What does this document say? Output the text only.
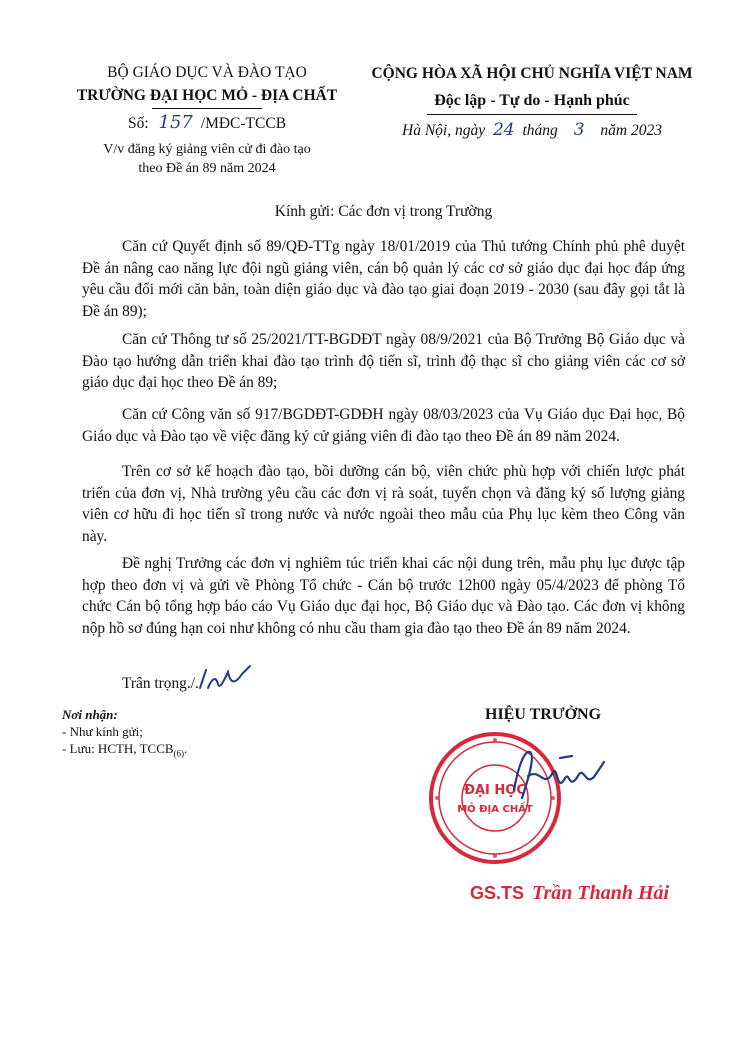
BỘ GIÁO DỤC VÀ ĐÀO TẠO
TRƯỜNG ĐẠI HỌC MỎ - ĐỊA CHẤT
Số: 157 /MĐC-TCCB
V/v đăng ký giảng viên cử đi đào tạo
theo Đề án 89 năm 2024
CỘNG HÒA XÃ HỘI CHỦ NGHĨA VIỆT NAM
Độc lập - Tự do - Hạnh phúc
Hà Nội, ngày 24 tháng 3 năm 2023
Kính gửi: Các đơn vị trong Trường
Căn cứ Quyết định số 89/QĐ-TTg ngày 18/01/2019 của Thủ tướng Chính phủ phê duyệt Đề án nâng cao năng lực đội ngũ giảng viên, cán bộ quản lý các cơ sở giáo dục đại học đáp ứng yêu cầu đổi mới căn bản, toàn diện giáo dục và đào tạo giai đoạn 2019 - 2030 (sau đây gọi tắt là Đề án 89);
Căn cứ Thông tư số 25/2021/TT-BGDĐT ngày 08/9/2021 của Bộ Trưởng Bộ Giáo dục và Đào tạo hướng dẫn triển khai đào tạo trình độ tiến sĩ, trình độ thạc sĩ cho giảng viên các cơ sở giáo dục đại học theo Đề án 89;
Căn cứ Công văn số 917/BGDĐT-GDĐH ngày 08/03/2023 của Vụ Giáo dục Đại học, Bộ Giáo dục và Đào tạo về việc đăng ký cử giảng viên đi đào tạo theo Đề án 89 năm 2024.
Trên cơ sở kế hoạch đào tạo, bồi dưỡng cán bộ, viên chức phù hợp với chiến lược phát triển của đơn vị, Nhà trường yêu cầu các đơn vị rà soát, tuyển chọn và đăng ký số lượng giảng viên cơ hữu đi học tiến sĩ trong nước và nước ngoài theo mẫu của Phụ lục kèm theo Công văn này.
Đề nghị Trưởng các đơn vị nghiêm túc triển khai các nội dung trên, mẫu phụ lục được tập hợp theo đơn vị và gửi về Phòng Tổ chức - Cán bộ trước 12h00 ngày 05/4/2023 để phòng Tổ chức Cán bộ tổng hợp báo cáo Vụ Giáo dục đại học, Bộ Giáo dục và Đào tạo. Các đơn vị không nộp hồ sơ đúng hạn coi như không có nhu cầu tham gia đào tạo theo Đề án 89 năm 2024.
Trân trọng./.
Nơi nhận:
- Như kính gửi;
- Lưu: HCTH, $TCCB_{(6)}$.
HIỆU TRƯỞNG
ĐẠI HỌC
MỎ ĐỊA CHẤT
GS.TS Trần Thanh Hải
